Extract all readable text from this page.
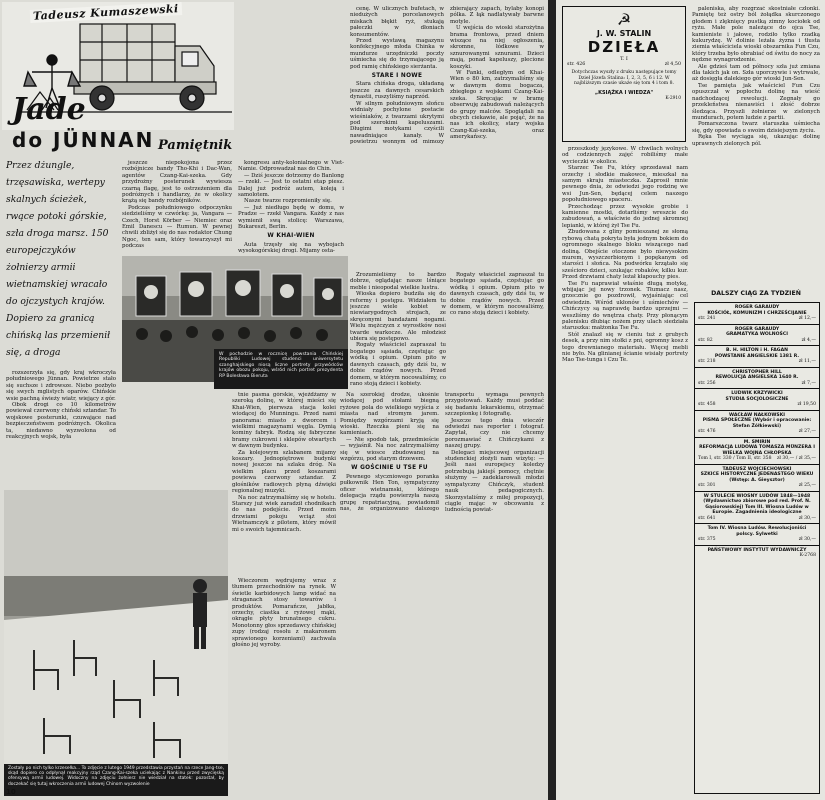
Tadeusz Kumaszewski
Jade
do JÜNNAN Pamiętnik
Przez dżungle, trzęsawiska, wertepy skalnych ścieżek, rwące potoki górskie, szła droga marsz. 150 europejczyków żołnierzy armii wietnamskiej wracało do ojczystych krajów. Dopiero za granicą chińską las przemienił się, a droga

rozszerzyła się, gdy kraj wkroczyła południowego Jünnan. Powietrze stało się suchsze i zdrowsze. Niebo pozbyło się swych mglistych oparów. Chińskie wsie pachną świeży wiatr, wiejący z gór.

Obok drogi co 10 kilometrów powiewał czerwony chiński sztandar. To wojskowe posterunki, czuwające nad bezpieczeństwem podróżnych. Okolica ta, niedawno wyzwolona od reakcyjnych wojsk, była

jeszcze niepokojona przez rozbójnicze bandy Tho-Khi i Dac-Wan, agentów Czang-Kai-szeka. Gdy przydrożny posterunek wywiesza czarną flagę, jest to ostrzeżeniem dla podróżnych i handlarzy, że w okolicy krążą się bandy rozbójników.

Podczas południowego odpoczynku siedzieliśmy w czwórkę: ja, Vangara — Czech, Horst Körber — Niemiec oraz Emil Danescu — Rumun. W pewnej chwili zbliżył się do nas redaktor Chung Ngoc, ten sam, który towarzyszył mi podczas

kongresu anty-kolonialnego w Viet-Namie. Odprowadzał nas do Chin.

— Dziś jeszcze dotrzemy do Banlong — rzekł. — Jest to ostatni etap piesz. Dalej już podróż autem, koleją i samolotem.

Nasze twarze rozpromieniły się.

— Już niedługo będę w domu, w Pradze — rzekł Vangara. Każdy z nas wymienił swą stolicę: Warszawa, Bukareszt, Berlin.

W KHAI-WIEN

Auta trzęsły się na wybojach wysokogórskiej drogi. Mijamy osta-

cenę. W ulicznych bufetach, w niedużych porcelanowych miskach błękit ryż, stukają pałeczki w dłoniach konsumentów.

Przed wystawą magazynu konfekcyjnego młoda Chinka w mundurze urzędniczki poczty uśmiecha się do trzymającego ją pod ramię chińskiego sierżanta.

STARE I NOWE

Stara chińska droga, układaną jeszcze za dawnych cesarskich dynastii, ruszyliśmy naprzód.

W silnym południowym słońcu widniały pochylone postacie wieśniaków, z twarzami ukrytymi pod szerokimi kapeluszami. Długimi motykami czyścili nawadniające kanały. W powietrzu wonnym od mimozy zbierający zapach, bylaby konopi pólka. Z łąk nadlatywały barwne motyle.

U wejścia do wioski starożytna brama frontowa, przed dniem wiszące na niej ogłoszenia, skromne, łódkowe w sznurowanymi sznurami. Dzieci mają, ponad kapeluszy, plecione koszyki.

W Fanki, odległym od Khai-Wien o 80 km, zatrzymaliśmy się w dawnym domu bogacza, zbiegłego z wojskami Czang-Kai-szeka. Skręcając w bramę obserwuję zabudowań należących do grupy malców. Spoglądali na obcych ciekawie, ale pojąć, że na nas ich okolicy, stary wojska Czang-Kai-szeka, oraz amerykańscy.

W pochodzie w rocznicę powstania Chińskiej Republiki Ludowej studenci uniwersytetu szanghajskiego niosą liczne portrety przywódców krajów obozu pokoju, wśród nich portret prezydenta RP Bolesława Bieruta

Zrozumieliśmy to bardzo dobrze, oglądając nasze lśniące meble i nieopodal wielkie lustra.

Wioska dopiero budziła się do reformy i postępu. Widziałem tu jeszcze wiele kobiet w niewiarygodnych strojach, ze skręconymi bandażami nogami. Wielu mężczyzn z wyrostków nosi twarde warkocze. Ale młodzież ubiera się postępowo.

Rogaty właściciel zapraszał tu bogatego sąsiada, częstując go wódką i opium. Opium pito w dawnych czasach, gdy dziś tu, w dobie rządów nowych. Przed domem, w którym nocowaliśmy, co rano stoją dzieci i kobiety.

Rogaty właściciel zapraszał tu bogatego sąsiada, częstując go wódką i opium. Opium pito w dawnych czasach, gdy dziś tu, w dobie rządów nowych. Przed domem, w którym nocowaliśmy, co rano stoją dzieci i kobiety.

Zostały po nich tylko krzesełka... To zdjęcie z lutego 1949 przedstawia przystań na rzece Jang-tse, skąd dopiero co odpłynął reakcyjny rząd Czang-Kai-szeka uciekając z Nankinu przed zwycięską ofensywą armii ludowej. Widoczny na zdjęciu żołnierz nie wiedział na statek: pozostał, by doczekać się tutaj wkroczenia armii ludowej Chinom wyzwolenie

tnie pasma górskie, wjeżdżamy w szeroką dolinę, w której mieści się Khai-Wien, pierwsza stacja kolei wiodącej do Munningu. Przed nami panorama: miasto z dworcem i wielkimi magazynami węgla. Dymią kominy fabryk. Rodzą się fabryczne bramy cukrowni i sklepów otwartych w dawnym budynku.

Za kolejowym szlabanem mijamy koszary. Jednopiętrowe budynki nowej jeszcze na szlaku dróg. Na wielkim placu przed koszarami powiewa czerwony sztandar. Z głośników radiowych płyną dźwięki regionalnej muzyki.

Na noc zatrzymaliśmy się w hotelu. Starszy już wiek zaradził chodnikach do nas podejście. Przed moim drzwiami pokoju wciąż stoi Wietnamczyk z pilotem, który mówił mi o swoich tajemnicach.

Wieczorem wędrujemy wraz z tłumem przechodniów na rynek. W świetle karbidowych lamp widać na straganach stosy towarów i produktów. Pomarańcze, jabłka, orzechy, ciastka z ryżowej mąki, okrągłe płyty brunatnego cukru. Monotonny głos sprzedawcy chińskiej zupy (rodzaj rosołu z makaronem sprawionego korzeniami) zachwala głośno jej wyroby.

Na szerokiej drodze, ukośnie wiodącej pod stołami biegną ryżowe pola do wielkiego wyjścia z miasta nad stromym jarem. Pomiędzy wzgórzami kryją się wioski. Rzeczka pieni się na kamieniach.

— Nie spodob tak, przedmieście — wyjaśnił. Na noc zatrzymaliśmy się w wiosce zbudowanej na wzgórzu, pod starym drzewem.

W GOŚCINIE U TSE FU

Pewnego styczniowego poranka pułkownik Hen Ton, sympatyczny oficer wietnamski, którego delegacja rządu powierzyła naszą grupę repatriacyjną, powiadomił nas, że organizowano dalszego transportu wymaga pewnych przygotowań. Każdy musi poddać się badaniu lekarskiemu, otrzymać szczepionkę i fotografię.

Jeszcze tego dnia wieczór odwiedzi nas reporter i fotograf. Zapytał, czy nie chcemy porozmawiać z Chińczykami z naszej grupy.

Delegaci miejscowej organizacji studenckiej złożyli nam wizytę: — Jeśli nasi europejscy koledzy potrzebują jakiejś pomocy, chętnie służymy — zadeklarowali młodzi sympatyczny Chińczyk, student nauk pedagogicznych. Skorzystaliśmy z miłej propozycji, ciągle mając w obcowaniu z ludnością powiat-

10
☭
J. W. STALIN
DZIEŁA
T. I
str. 426	zł 4,50
Dotychczas wyszły z druku następujące tomy Dzieł Józefa Stalina: I, 2, 3, 5, 6 i 12. W najbliższym czasie ukaże się tom 4 i tom 8.
„KSIĄŻKA I WIEDZA"
K-2910

przeszkody językowe. W chwilach wolnych od codziennych zajęć robiliśmy małe wycieczki w okolice.

Starzec Tse Fu, który sprzedawał nam orzechy i słodkie makowce, mieszkał na samym skraju miasteczka. Zaprosił mnie pewnego dnia, że odwiedzi jego rodzinę we wsi Jun-Sen, będącej celem naszego popołudniowego spaceru.

Przechodząc przez wysokie grobie i kamienne mostki, dotarliśmy wreszcie do zabudowań, a właściwie do jednej skromnej lepianki, w której żył Tse Fu.

Zbudowana z gliny pomieszanej ze słomą rybową chatą pokryta była jednym bokiem do ogromnego skalnego bloku wiszącego nad doliną. Obejście otoczone było niewysokim murem, wyszczerbionym i popękanym od starości i słońca. Na podwórku krzątało się sześcioro dzieci, szukając robaków, kilku kur. Przed drzwiami chaty leżał kłapouchy pies.

Tse Fu naprawiał właśnie długą motykę, wbijając jej nowy trzonek. Tłumacz nasz, grzecznie go pozdrowił, wyjaśniając cel odwiedzin. Wśród ukłonów i uśmiechów — Chińczycy są naprawdę bardzo uprzejmi — weszliśmy do wnętrza chaty. Przy płonącym palenisku dłubiąc nożem przy ulach siedziała staruszka: małżonka Tse Fu.

Stół znalazł się w cieniu tuż z grubych desek, a przy nim stołki z pni, ogromny kosz z tego drewnianego materiału. Więcej mebli nie było. Na glinianej ścianie wisiały portrety Mao Tse-tunga i Czu Te.

paleniska, aby rozgrzać skostniałe członki. Pamiętę też ostry ból żołądka skurczonego głodem i zlęknięcy pustką zimny kociołek od ryżu. Małe pole należące do ojca Tse, kamieniste i jałowe, rodziło tylko rzadką kukurydzę. W dolinie leżała żyzna i tłusta ziemia właściciela wioski obszarnika Fun Czu, który trzeba było obrabiać od świtu do nocy za nędzne wynagrodzenie.

Ale gdzieś tam od północy szła już zmiana dla takich jak on. Szła uporczywie i wytrwale, aż dosięgła dalekiego gór wioski Jun-Sen.

Tse pamięta jak właściciel Fun Czu opuszczał w popłochu dolinę na wieść nadchodzącej rewolucji. Zegnały go przekleństwa nienawiści i złość dobrze śledząca. Przyszli żołnierze w zielonych mundurach, potem ludzie z partii.

Pomarszczona twarz staruszka uśmiecha się, gdy opowiada o swoim dzisiejszym życiu.

Ręka Tse wyciąga się, ukazując dolinę uprawnych zielonych pól.

DALSZY CIĄG ZA TYDZIEŃ
ROGER GARAUDY
KOŚCIÓŁ, KOMUNIZM I CHRZEŚCIJANIE
str. 241	zł 12,—
ROGER GARAUDY
GRAMATYKA WOLNOŚCI
str. 82	zł 4,—
B. H. HILTON i H. FAGAN
POWSTANIE ANGIELSKIE 1381 R.
str. 218	zł 11,—
CHRISTOPHER HILL
REWOLUCJA ANGIELSKA 1640 R.
str. 256	zł 7,—
LUDWIK KRZYWICKI
STUDIA SOCJOLOGICZNE
str. 458	zł 19,50
WACŁAW NAŁKOWSKI
PISMA SPOŁECZNE (Wybór i opracowanie: Stefan Żółkiewski)
str. 476	zł 27,—
M. SMIRIN
REFORMACJA LUDOWA TOMASZA MÜNZERA I WIELKA WOJNA CHŁOPSKA
Tom I, str. 330 / Tom II, str. 358 zł 30,— / zł 35,—
TADEUSZ WOJCIECHOWSKI
SZKICE HISTORYCZNE JEDENASTEGO WIEKU (Wstęp: A. Gieysztor)
str. 301	zł 25,—
W STULECIE WIOSNY LUDÓW 1848—1948 (Wydawnictwo zbiorowe pod red. Prof. N. Gąsiorowskiej) Tom III. Wiosna Ludów w Europie. Zagadnienia ideologiczne
str. 641	zł 30,—
Tom IV. Wiosna Ludów. Rewolucjoniści polscy. Sylwetki
str. 375	zł 30,—
PAŃSTWOWY INSTYTUT WYDAWNICZY
K-2768
